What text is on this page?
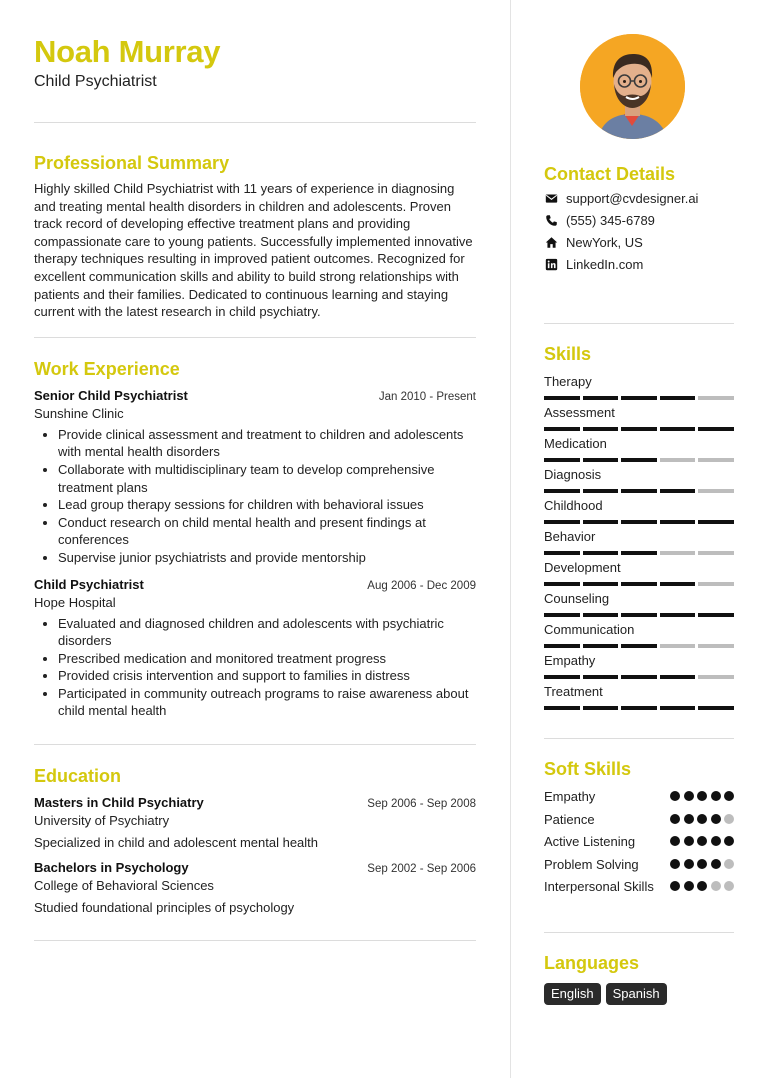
Noah Murray
Child Psychiatrist
Professional Summary

Highly skilled Child Psychiatrist with 11 years of experience in diagnosing and treating mental health disorders in children and adolescents. Proven track record of developing effective treatment plans and providing compassionate care to young patients. Successfully implemented innovative therapy techniques resulting in improved patient outcomes. Recognized for excellent communication skills and ability to build strong relationships with patients and their families. Dedicated to continuous learning and staying current with the latest research in child psychiatry.

Work Experience
Senior Child Psychiatrist	Jan 2010 - Present
Sunshine Clinic
• Provide clinical assessment and treatment to children and adolescents with mental health disorders
• Collaborate with multidisciplinary team to develop comprehensive treatment plans
• Lead group therapy sessions for children with behavioral issues
• Conduct research on child mental health and present findings at conferences
• Supervise junior psychiatrists and provide mentorship
Child Psychiatrist	Aug 2006 - Dec 2009
Hope Hospital
• Evaluated and diagnosed children and adolescents with psychiatric disorders
• Prescribed medication and monitored treatment progress
• Provided crisis intervention and support to families in distress
• Participated in community outreach programs to raise awareness about child mental health
Education
Masters in Child Psychiatry	Sep 2006 - Sep 2008
University of Psychiatry
Specialized in child and adolescent mental health
Bachelors in Psychology	Sep 2002 - Sep 2006
College of Behavioral Sciences
Studied foundational principles of psychology
Contact Details
support@cvdesigner.ai
(555) 345-6789
NewYork, US
LinkedIn.com
Skills
Therapy
Assessment
Medication
Diagnosis
Childhood
Behavior
Development
Counseling
Communication
Empathy
Treatment
Soft Skills
Empathy
Patience
Active Listening
Problem Solving
Interpersonal Skills
Languages
English	Spanish
